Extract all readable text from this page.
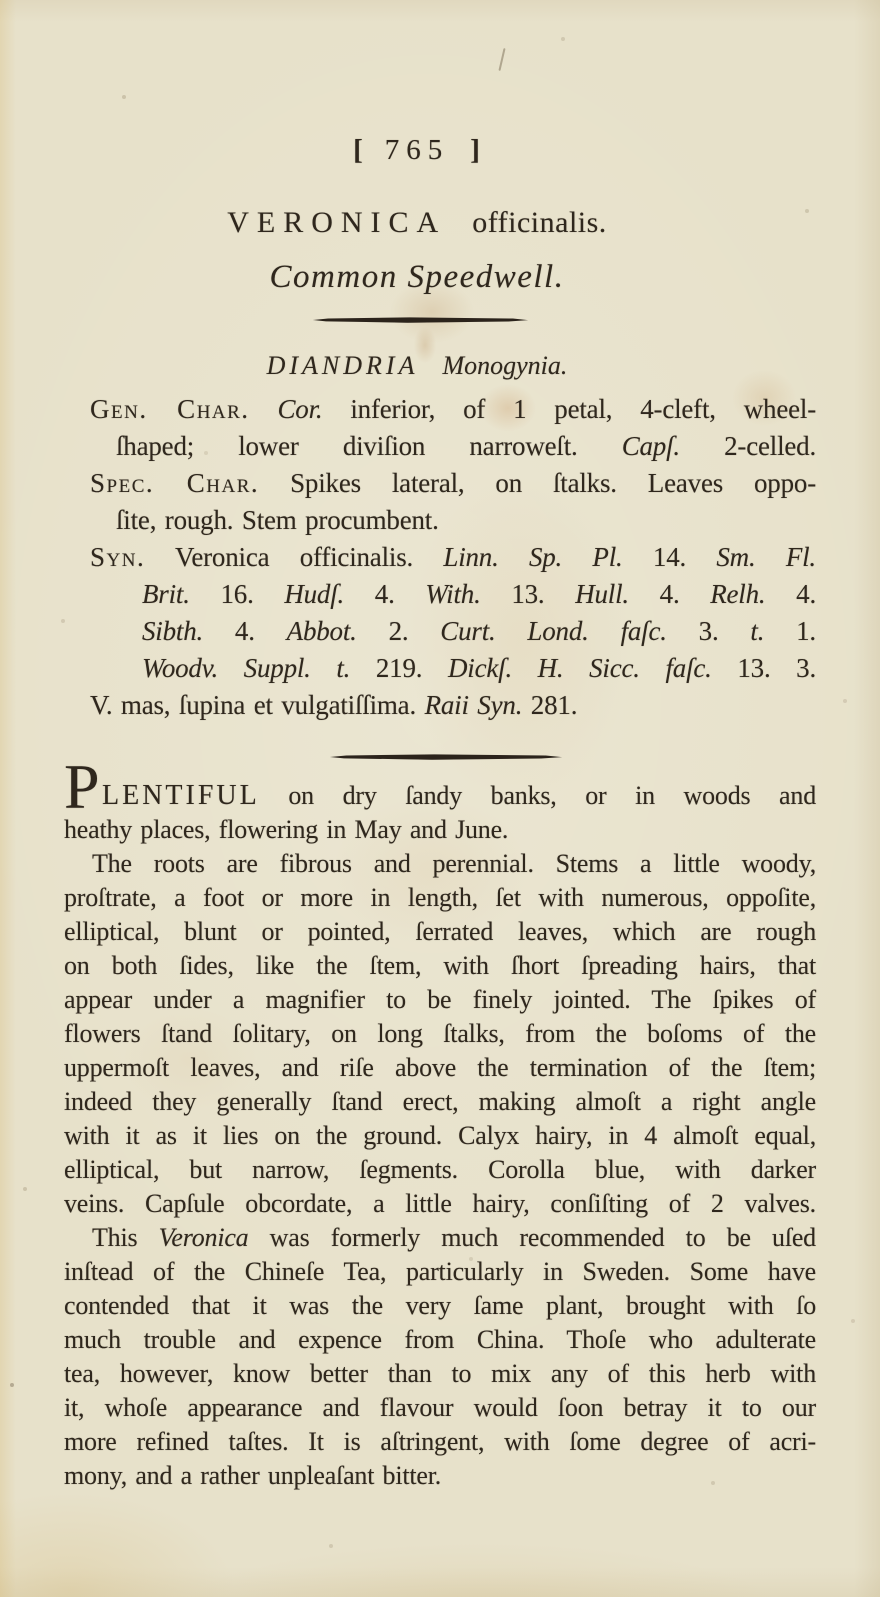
[ 765 ]
VERONICA officinalis.
Common Speedwell.
DIANDRIA Monogynia.
Gen. Char. Cor. inferior, of 1 petal, 4-cleft, wheel-
ſhaped; lower diviſion narroweſt. Capſ. 2-celled.
Spec. Char. Spikes lateral, on ſtalks. Leaves oppo-
ſite, rough. Stem procumbent.
Syn. Veronica officinalis. Linn. Sp. Pl. 14. Sm. Fl.
Brit. 16. Hudſ. 4. With. 13. Hull. 4. Relh. 4.
Sibth. 4. Abbot. 2. Curt. Lond. faſc. 3. t. 1.
Woodv. Suppl. t. 219. Dickſ. H. Sicc. faſc. 13. 3.
V. mas, ſupina et vulgatiſſima. Raii Syn. 281.
P LENTIFUL on dry ſandy banks, or in woods and
heathy places, flowering in May and June.
The roots are fibrous and perennial. Stems a little woody,
proſtrate, a foot or more in length, ſet with numerous, oppoſite,
elliptical, blunt or pointed, ſerrated leaves, which are rough
on both ſides, like the ſtem, with ſhort ſpreading hairs, that
appear under a magnifier to be finely jointed. The ſpikes of
flowers ſtand ſolitary, on long ſtalks, from the boſoms of the
uppermoſt leaves, and riſe above the termination of the ſtem;
indeed they generally ſtand erect, making almoſt a right angle
with it as it lies on the ground. Calyx hairy, in 4 almoſt equal,
elliptical, but narrow, ſegments. Corolla blue, with darker
veins. Capſule obcordate, a little hairy, conſiſting of 2 valves.
This Veronica was formerly much recommended to be uſed
inſtead of the Chineſe Tea, particularly in Sweden. Some have
contended that it was the very ſame plant, brought with ſo
much trouble and expence from China. Thoſe who adulterate
tea, however, know better than to mix any of this herb with
it, whoſe appearance and flavour would ſoon betray it to our
more refined taſtes. It is aſtringent, with ſome degree of acri-
mony, and a rather unpleaſant bitter.
